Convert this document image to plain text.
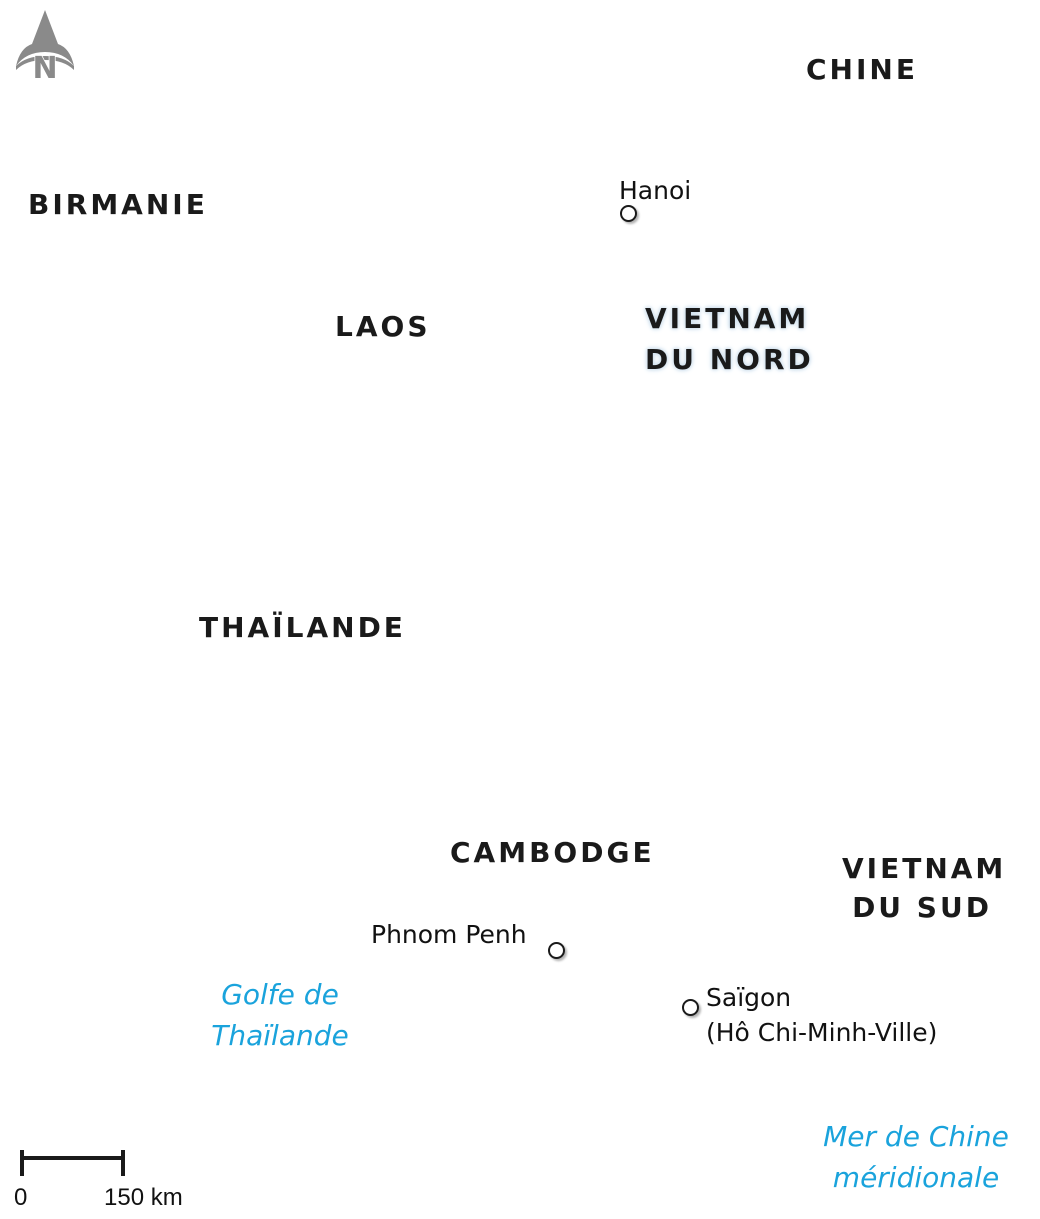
N	CHINE
BIRMANIE
LAOS	VIETNAM
DU NORD
THAÏLANDE
CAMBODGE	VIETNAM
DU SUD
Hanoi
Phnom Penh
Saïgon
(Hô Chi-Minh-Ville)
Golfe de
Thaïlande
Mer de Chine
méridionale
0	150 km
